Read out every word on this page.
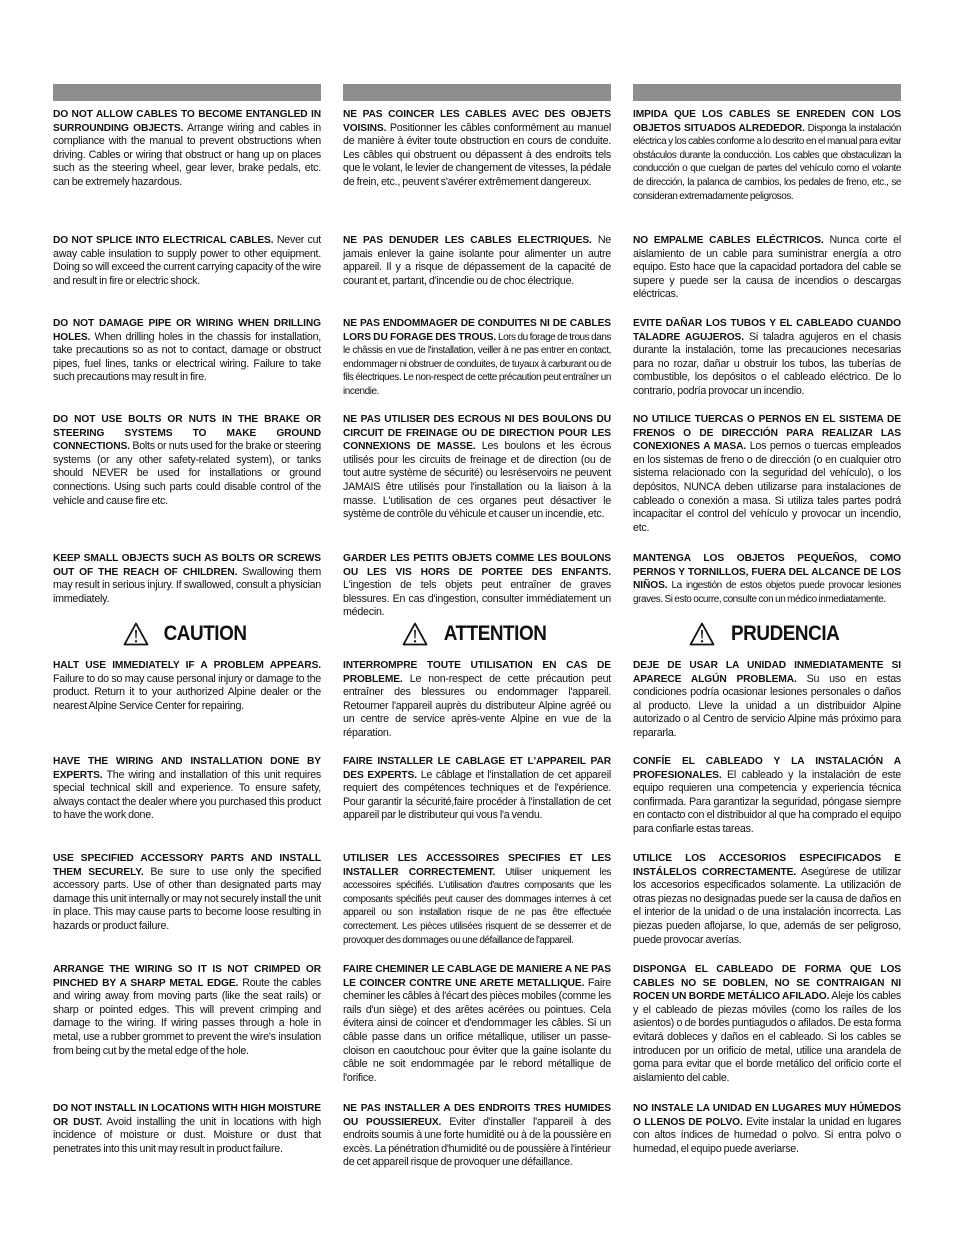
DO NOT ALLOW CABLES TO BECOME ENTANGLED IN SURROUNDING OBJECTS. Arrange wiring and cables in compliance with the manual to prevent obstructions when driving. Cables or wiring that obstruct or hang up on places such as the steering wheel, gear lever, brake pedals, etc. can be extremely hazardous.
DO NOT SPLICE INTO ELECTRICAL CABLES. Never cut away cable insulation to supply power to other equipment. Doing so will exceed the current carrying capacity of the wire and result in fire or electric shock.
DO NOT DAMAGE PIPE OR WIRING WHEN DRILLING HOLES. When drilling holes in the chassis for installation, take precautions so as not to contact, damage or obstruct pipes, fuel lines, tanks or electrical wiring. Failure to take such precautions may result in fire.
DO NOT USE BOLTS OR NUTS IN THE BRAKE OR STEERING SYSTEMS TO MAKE GROUND CONNECTIONS. Bolts or nuts used for the brake or steering systems (or any other safety-related system), or tanks should NEVER be used for installations or ground connections. Using such parts could disable control of the vehicle and cause fire etc.
KEEP SMALL OBJECTS SUCH AS BOLTS OR SCREWS OUT OF THE REACH OF CHILDREN. Swallowing them may result in serious injury. If swallowed, consult a physician immediately.
CAUTION
HALT USE IMMEDIATELY IF A PROBLEM APPEARS. Failure to do so may cause personal injury or damage to the product. Return it to your authorized Alpine dealer or the nearest Alpine Service Center for repairing.
HAVE THE WIRING AND INSTALLATION DONE BY EXPERTS. The wiring and installation of this unit requires special technical skill and experience. To ensure safety, always contact the dealer where you purchased this product to have the work done.
USE SPECIFIED ACCESSORY PARTS AND INSTALL THEM SECURELY. Be sure to use only the specified accessory parts. Use of other than designated parts may damage this unit internally or may not securely install the unit in place. This may cause parts to become loose resulting in hazards or product failure.
ARRANGE THE WIRING SO IT IS NOT CRIMPED OR PINCHED BY A SHARP METAL EDGE. Route the cables and wiring away from moving parts (like the seat rails) or sharp or pointed edges. This will prevent crimping and damage to the wiring. If wiring passes through a hole in metal, use a rubber grommet to prevent the wire's insulation from being cut by the metal edge of the hole.
DO NOT INSTALL IN LOCATIONS WITH HIGH MOISTURE OR DUST. Avoid installing the unit in locations with high incidence of moisture or dust. Moisture or dust that penetrates into this unit may result in product failure.
NE PAS COINCER LES CABLES AVEC DES OBJETS VOISINS. Positionner les câbles conformément au manuel de manière à éviter toute obstruction en cours de conduite. Les câbles qui obstruent ou dépassent à des endroits tels que le volant, le levier de changement de vitesses, la pédale de frein, etc., peuvent s'avérer extrêmement dangereux.
NE PAS DENUDER LES CABLES ELECTRIQUES. Ne jamais enlever la gaine isolante pour alimenter un autre appareil. Il y a risque de dépassement de la capacité de courant et, partant, d'incendie ou de choc électrique.
NE PAS ENDOMMAGER DE CONDUITES NI DE CABLES LORS DU FORAGE DES TROUS. Lors du forage de trous dans le châssis en vue de l'installation, veiller à ne pas entrer en contact, endommager ni obstruer de conduites, de tuyaux à carburant ou de fils électriques. Le non-respect de cette précaution peut entraîner un incendie.
NE PAS UTILISER DES ECROUS NI DES BOULONS DU CIRCUIT DE FREINAGE OU DE DIRECTION POUR LES CONNEXIONS DE MASSE. Les boulons et les écrous utilisés pour les circuits de freinage et de direction (ou de tout autre système de sécurité) ou lesréservoirs ne peuvent JAMAIS être utilisés pour l'installation ou la liaison à la masse. L'utilisation de ces organes peut désactiver le système de contrôle du véhicule et causer un incendie, etc.
GARDER LES PETITS OBJETS COMME LES BOULONS OU LES VIS HORS DE PORTEE DES ENFANTS. L'ingestion de tels objets peut entraîner de graves blessures. En cas d'ingestion, consulter immédiatement un médecin.
ATTENTION
INTERROMPRE TOUTE UTILISATION EN CAS DE PROBLEME. Le non-respect de cette précaution peut entraîner des blessures ou endommager l'appareil. Retourner l'appareil auprès du distributeur Alpine agréé ou un centre de service après-vente Alpine en vue de la réparation.
FAIRE INSTALLER LE CABLAGE ET L'APPAREIL PAR DES EXPERTS. Le câblage et l'installation de cet appareil requiert des compétences techniques et de l'expérience. Pour garantir la sécurité,faire procéder à l'installation de cet appareil par le distributeur qui vous l'a vendu.
UTILISER LES ACCESSOIRES SPECIFIES ET LES INSTALLER CORRECTEMENT. Utiliser uniquement les accessoires spécifiés. L'utilisation d'autres composants que les composants spécifiés peut causer des dommages internes à cet appareil ou son installation risque de ne pas être effectuée correctement. Les pièces utilisées risquent de se desserrer et de provoquer des dommages ou une défaillance de l'appareil.
FAIRE CHEMINER LE CABLAGE DE MANIERE A NE PAS LE COINCER CONTRE UNE ARETE METALLIQUE. Faire cheminer les câbles à l'écart des pièces mobiles (comme les rails d'un siège) et des arêtes acérées ou pointues. Cela évitera ainsi de coincer et d'endommager les câbles. Si un câble passe dans un orifice métallique, utiliser un passe-cloison en caoutchouc pour éviter que la gaine isolante du câble ne soit endommagée par le rebord métallique de l'orifice.
NE PAS INSTALLER A DES ENDROITS TRES HUMIDES OU POUSSIEREUX. Eviter d'installer l'appareil à des endroits soumis à une forte humidité ou à de la poussière en excès. La pénétration d'humidité ou de poussière à l'intérieur de cet appareil risque de provoquer une défaillance.
IMPIDA QUE LOS CABLES SE ENREDEN CON LOS OBJETOS SITUADOS ALREDEDOR. Disponga la instalación eléctrica y los cables conforme a lo descrito en el manual para evitar obstáculos durante la conducción. Los cables que obstaculizan la conducción o que cuelgan de partes del vehículo como el volante de dirección, la palanca de cambios, los pedales de freno, etc., se consideran extremadamente peligrosos.
NO EMPALME CABLES ELÉCTRICOS. Nunca corte el aislamiento de un cable para suministrar energía a otro equipo. Esto hace que la capacidad portadora del cable se supere y puede ser la causa de incendios o descargas eléctricas.
EVITE DAÑAR LOS TUBOS Y EL CABLEADO CUANDO TALADRE AGUJEROS. Si taladra agujeros en el chasis durante la instalación, tome las precauciones necesarias para no rozar, dañar u obstruir los tubos, las tuberías de combustible, los depósitos o el cableado eléctrico. De lo contrario, podría provocar un incendio.
NO UTILICE TUERCAS O PERNOS EN EL SISTEMA DE FRENOS O DE DIRECCIÓN PARA REALIZAR LAS CONEXIONES A MASA. Los pernos o tuercas empleados en los sistemas de freno o de dirección (o en cualquier otro sistema relacionado con la seguridad del vehículo), o los depósitos, NUNCA deben utilizarse para instalaciones de cableado o conexión a masa. Si utiliza tales partes podrá incapacitar el control del vehículo y provocar un incendio, etc.
MANTENGA LOS OBJETOS PEQUEÑOS, COMO PERNOS Y TORNILLOS, FUERA DEL ALCANCE DE LOS NIÑOS. La ingestión de estos objetos puede provocar lesiones graves. Si esto ocurre, consulte con un médico inmediatamente.
PRUDENCIA
DEJE DE USAR LA UNIDAD INMEDIATAMENTE SI APARECE ALGÚN PROBLEMA. Su uso en estas condiciones podría ocasionar lesiones personales o daños al producto. Lleve la unidad a un distribuidor Alpine autorizado o al Centro de servicio Alpine más próximo para repararla.
CONFÍE EL CABLEADO Y LA INSTALACIÓN A PROFESIONALES. El cableado y la instalación de este equipo requieren una competencia y experiencia técnica confirmada. Para garantizar la seguridad, póngase siempre en contacto con el distribuidor al que ha comprado el equipo para confiarle estas tareas.
UTILICE LOS ACCESORIOS ESPECIFICADOS E INSTÁLELOS CORRECTAMENTE. Asegúrese de utilizar los accesorios especificados solamente. La utilización de otras piezas no designadas puede ser la causa de daños en el interior de la unidad o de una instalación incorrecta. Las piezas pueden aflojarse, lo que, además de ser peligroso, puede provocar averías.
DISPONGA EL CABLEADO DE FORMA QUE LOS CABLES NO SE DOBLEN, NO SE CONTRAIGAN NI ROCEN UN BORDE METÁLICO AFILADO. Aleje los cables y el cableado de piezas móviles (como los raíles de los asientos) o de bordes puntiagudos o afilados. De esta forma evitará dobleces y daños en el cableado. Si los cables se introducen por un orificio de metal, utilice una arandela de goma para evitar que el borde metálico del orificio corte el aislamiento del cable.
NO INSTALE LA UNIDAD EN LUGARES MUY HÚMEDOS O LLENOS DE POLVO. Evite instalar la unidad en lugares con altos índices de humedad o polvo. Si entra polvo o humedad, el equipo puede averiarse.
